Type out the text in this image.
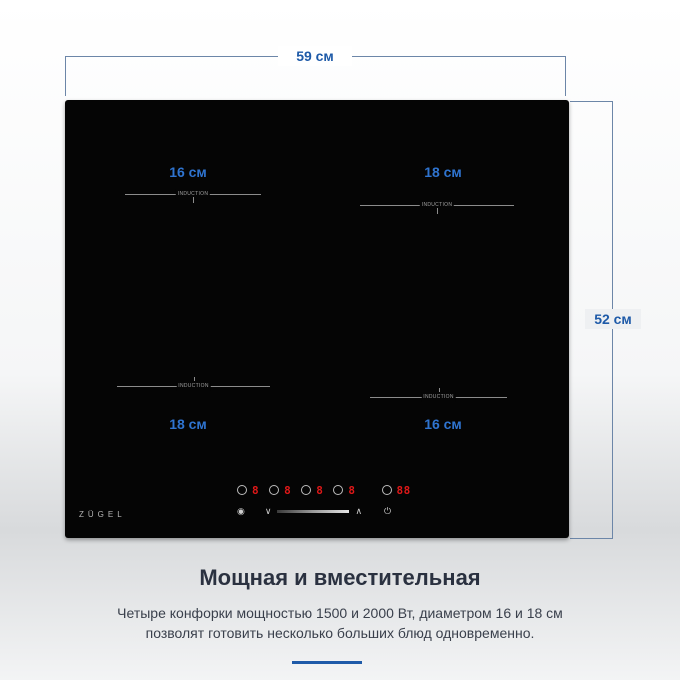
59 см
52 см
16 см
INDUCTION
18 см
INDUCTION
INDUCTION
18 см
INDUCTION
16 см
8 8 8 8	88
◉ ∨	∧ ⏻
ZÜGEL
Мощная и вместительная
Четыре конфорки мощностью 1500 и 2000 Вт, диаметром 16 и 18 см
позволят готовить несколько больших блюд одновременно.
